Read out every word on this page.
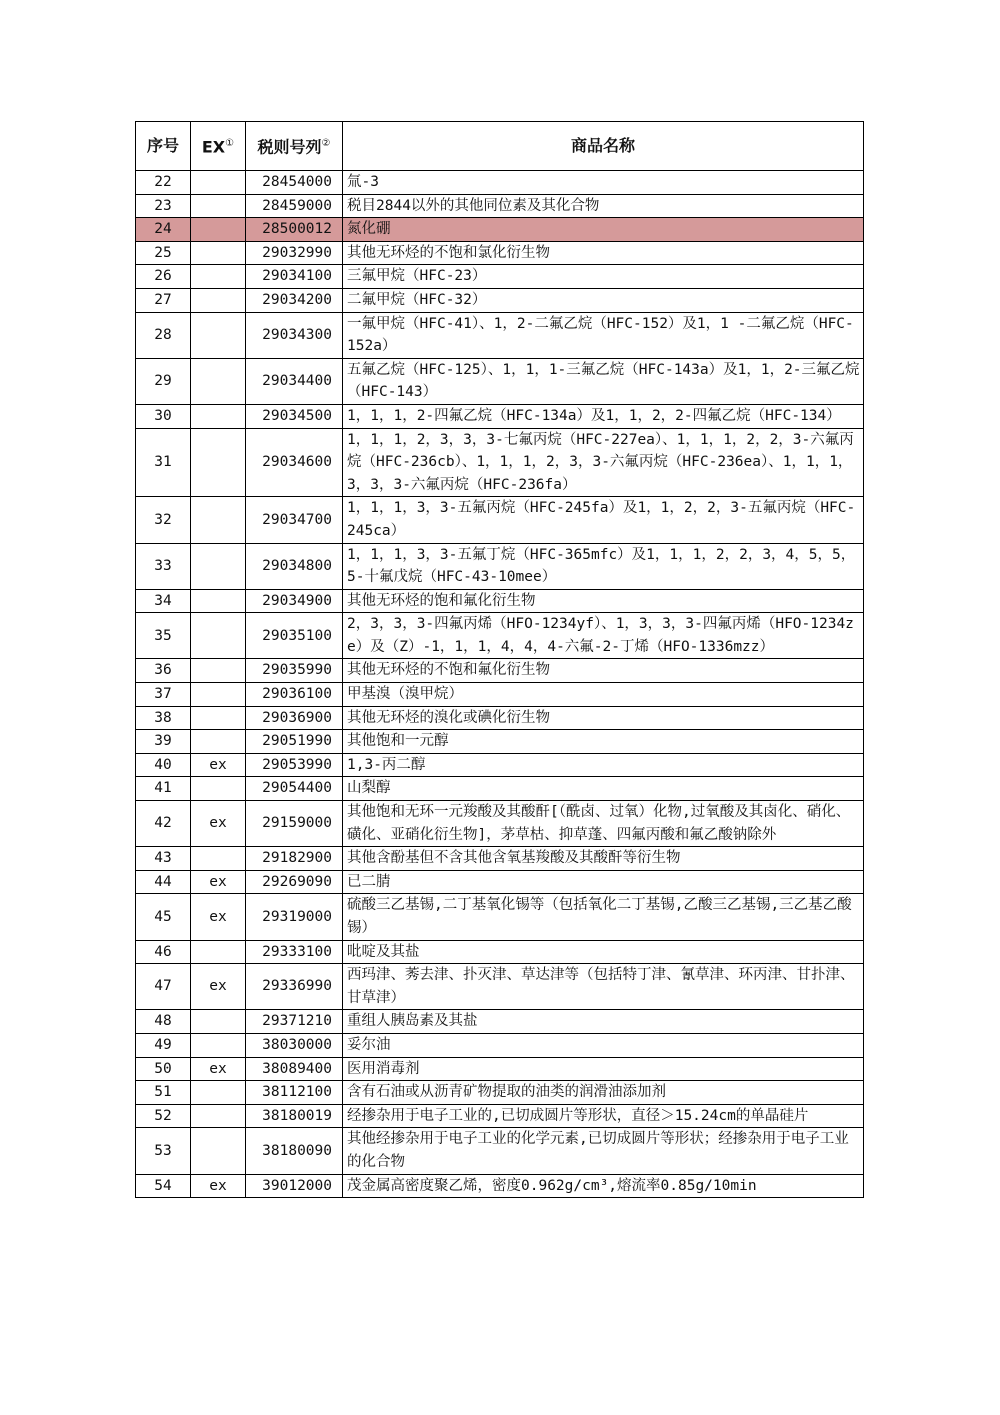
序号	EX①	税则号列②	商品名称
22		28454000	氚-3
23		28459000	税目2844以外的其他同位素及其化合物
24		28500012	氮化硼
25		29032990	其他无环烃的不饱和氯化衍生物
26		29034100	三氟甲烷（HFC-23）
27		29034200	二氟甲烷（HFC-32）
28		29034300	一氟甲烷（HFC-41）、1，2-二氟乙烷（HFC-152）及1，1 -二氟乙烷（HFC-152a）
29		29034400	五氟乙烷（HFC-125）、1，1，1-三氟乙烷（HFC-143a）及1，1，2-三氟乙烷（HFC-143）
30		29034500	1，1，1，2-四氟乙烷（HFC-134a）及1，1，2，2-四氟乙烷（HFC-134）
31		29034600	1，1，1，2，3，3，3-七氟丙烷（HFC-227ea）、1，1，1，2，2，3-六氟丙烷（HFC-236cb）、1，1，1，2，3，3-六氟丙烷（HFC-236ea）、1，1，1，3，3，3-六氟丙烷（HFC-236fa）
32		29034700	1，1，1，3，3-五氟丙烷（HFC-245fa）及1，1，2，2，3-五氟丙烷（HFC-245ca）
33		29034800	1，1，1，3，3-五氟丁烷（HFC-365mfc）及1，1，1，2，2，3，4，5，5，5-十氟戊烷（HFC-43-10mee）
34		29034900	其他无环烃的饱和氟化衍生物
35		29035100	2，3，3，3-四氟丙烯（HFO-1234yf）、1，3，3，3-四氟丙烯（HFO-1234ze）及（Z）-1，1，1，4，4，4-六氟-2-丁烯（HFO-1336mzz）
36		29035990	其他无环烃的不饱和氟化衍生物
37		29036100	甲基溴（溴甲烷）
38		29036900	其他无环烃的溴化或碘化衍生物
39		29051990	其他饱和一元醇
40	ex	29053990	1,3-丙二醇
41		29054400	山梨醇
42	ex	29159000	其他饱和无环一元羧酸及其酸酐[（酰卤、过氧）化物,过氧酸及其卤化、硝化、磺化、亚硝化衍生物]，茅草枯、抑草蓬、四氟丙酸和氟乙酸钠除外
43		29182900	其他含酚基但不含其他含氧基羧酸及其酸酐等衍生物
44	ex	29269090	已二腈
45	ex	29319000	硫酸三乙基锡,二丁基氧化锡等（包括氧化二丁基锡,乙酸三乙基锡,三乙基乙酸锡）
46		29333100	吡啶及其盐
47	ex	29336990	西玛津、莠去津、扑灭津、草达津等（包括特丁津、氰草津、环丙津、甘扑津、甘草津）
48		29371210	重组人胰岛素及其盐
49		38030000	妥尔油
50	ex	38089400	医用消毒剂
51		38112100	含有石油或从沥青矿物提取的油类的润滑油添加剂
52		38180019	经掺杂用于电子工业的,已切成圆片等形状，直径＞15.24cm的单晶硅片
53		38180090	其他经掺杂用于电子工业的化学元素,已切成圆片等形状；经掺杂用于电子工业的化合物
54	ex	39012000	茂金属高密度聚乙烯，密度0.962g/cm³,熔流率0.85g/10min
